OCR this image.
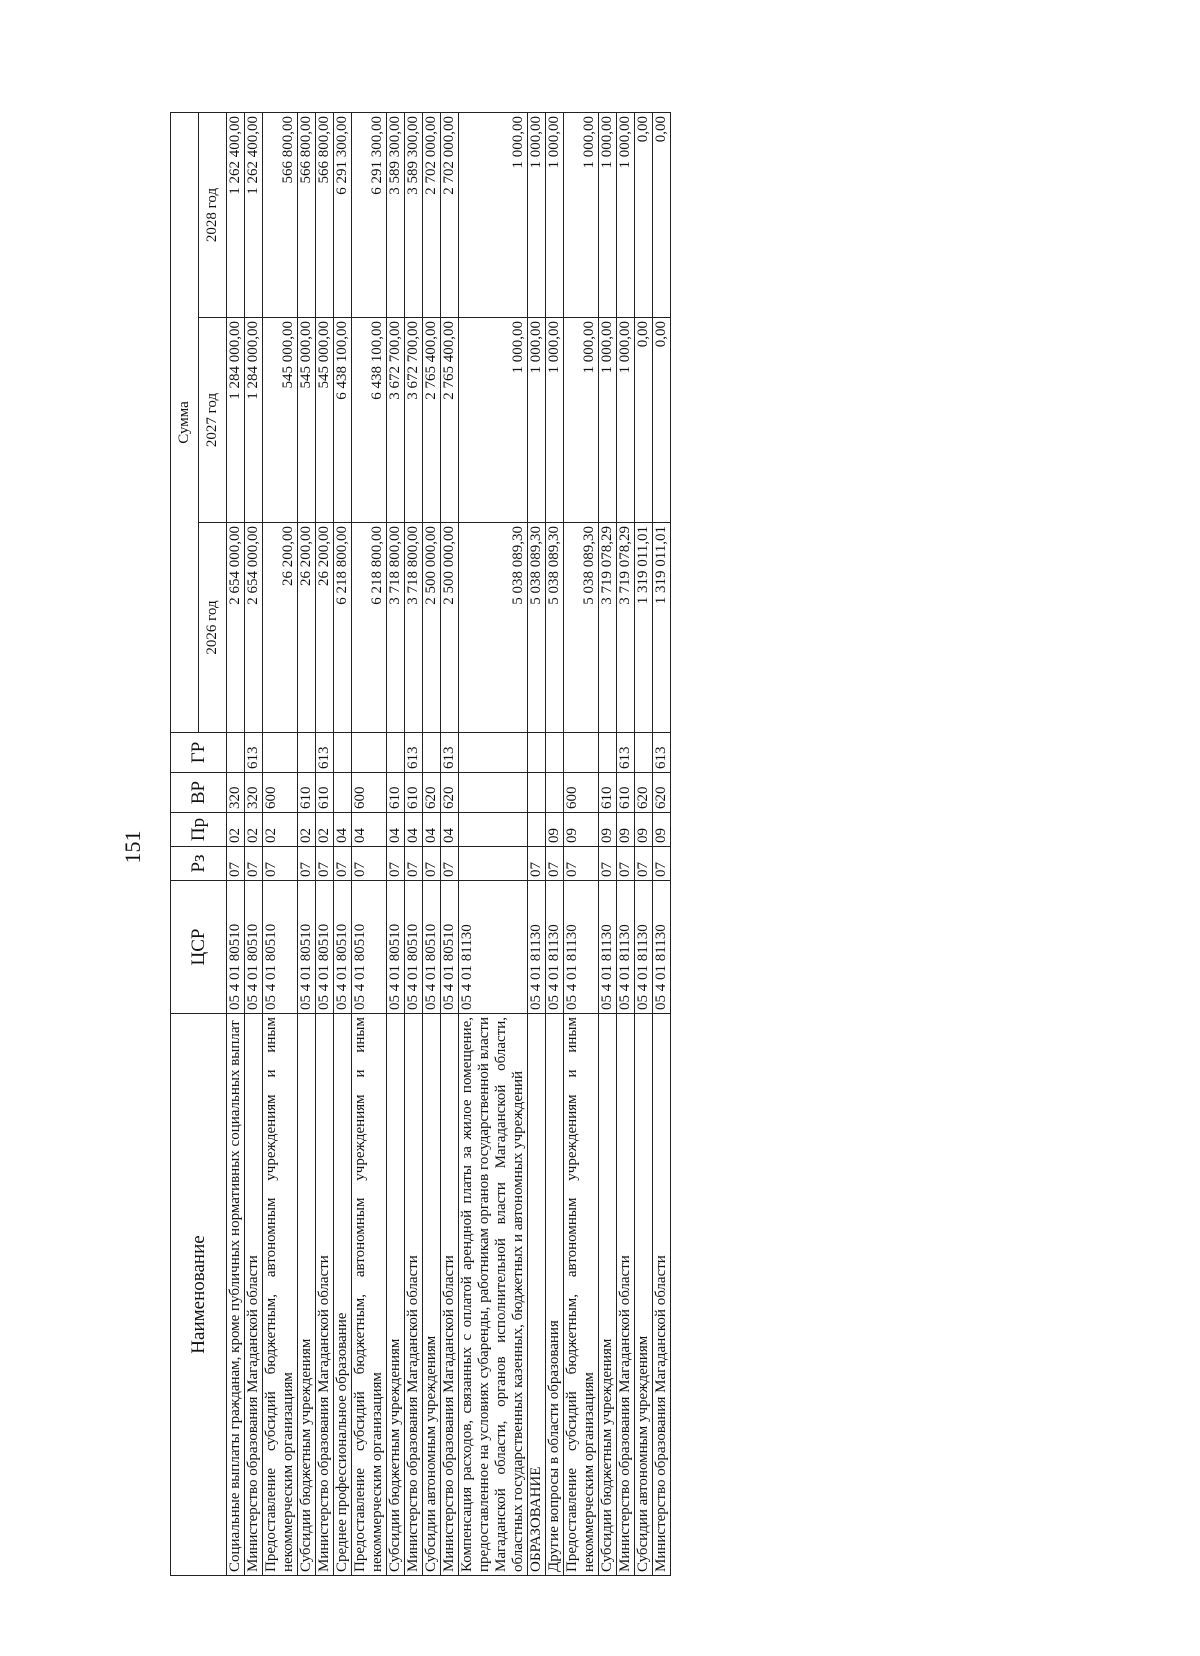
151
Наименование	ЦСР	Рз	Пр	ВР	ГР	Сумма		
						2026 год	2027 год	2028 год
Социальные выплаты гражданам, кроме публичных нормативных социальных выплат	05 4 01 80510	07	02	320		2 654 000,00	1 284 000,00	1 262 400,00
Министерство образования Магаданской области	05 4 01 80510	07	02	320	613	2 654 000,00	1 284 000,00	1 262 400,00
Предоставление субсидий бюджетным, автономным учреждениям и иным некоммерческим организациям	05 4 01 80510	07	02	600		26 200,00	545 000,00	566 800,00
Субсидии бюджетным учреждениям	05 4 01 80510	07	02	610		26 200,00	545 000,00	566 800,00
Министерство образования Магаданской области	05 4 01 80510	07	02	610	613	26 200,00	545 000,00	566 800,00
Среднее профессиональное образование	05 4 01 80510	07	04			6 218 800,00	6 438 100,00	6 291 300,00
Предоставление субсидий бюджетным, автономным учреждениям и иным некоммерческим организациям	05 4 01 80510	07	04	600		6 218 800,00	6 438 100,00	6 291 300,00
Субсидии бюджетным учреждениям	05 4 01 80510	07	04	610		3 718 800,00	3 672 700,00	3 589 300,00
Министерство образования Магаданской области	05 4 01 80510	07	04	610	613	3 718 800,00	3 672 700,00	3 589 300,00
Субсидии автономным учреждениям	05 4 01 80510	07	04	620		2 500 000,00	2 765 400,00	2 702 000,00
Министерство образования Магаданской области	05 4 01 80510	07	04	620	613	2 500 000,00	2 765 400,00	2 702 000,00
Компенсация расходов, связанных с оплатой арендной платы за жилое помещение, предоставленное на условиях субаренды, работникам органов государственной власти Магаданской области, органов исполнительной власти Магаданской области, областных государственных казенных, бюджетных и автономных учреждений	05 4 01 81130					5 038 089,30	1 000,00	1 000,00
ОБРАЗОВАНИЕ	05 4 01 81130	07				5 038 089,30	1 000,00	1 000,00
Другие вопросы в области образования	05 4 01 81130	07	09			5 038 089,30	1 000,00	1 000,00
Предоставление субсидий бюджетным, автономным учреждениям и иным некоммерческим организациям	05 4 01 81130	07	09	600		5 038 089,30	1 000,00	1 000,00
Субсидии бюджетным учреждениям	05 4 01 81130	07	09	610		3 719 078,29	1 000,00	1 000,00
Министерство образования Магаданской области	05 4 01 81130	07	09	610	613	3 719 078,29	1 000,00	1 000,00
Субсидии автономным учреждениям	05 4 01 81130	07	09	620		1 319 011,01	0,00	0,00
Министерство образования Магаданской области	05 4 01 81130	07	09	620	613	1 319 011,01	0,00	0,00
